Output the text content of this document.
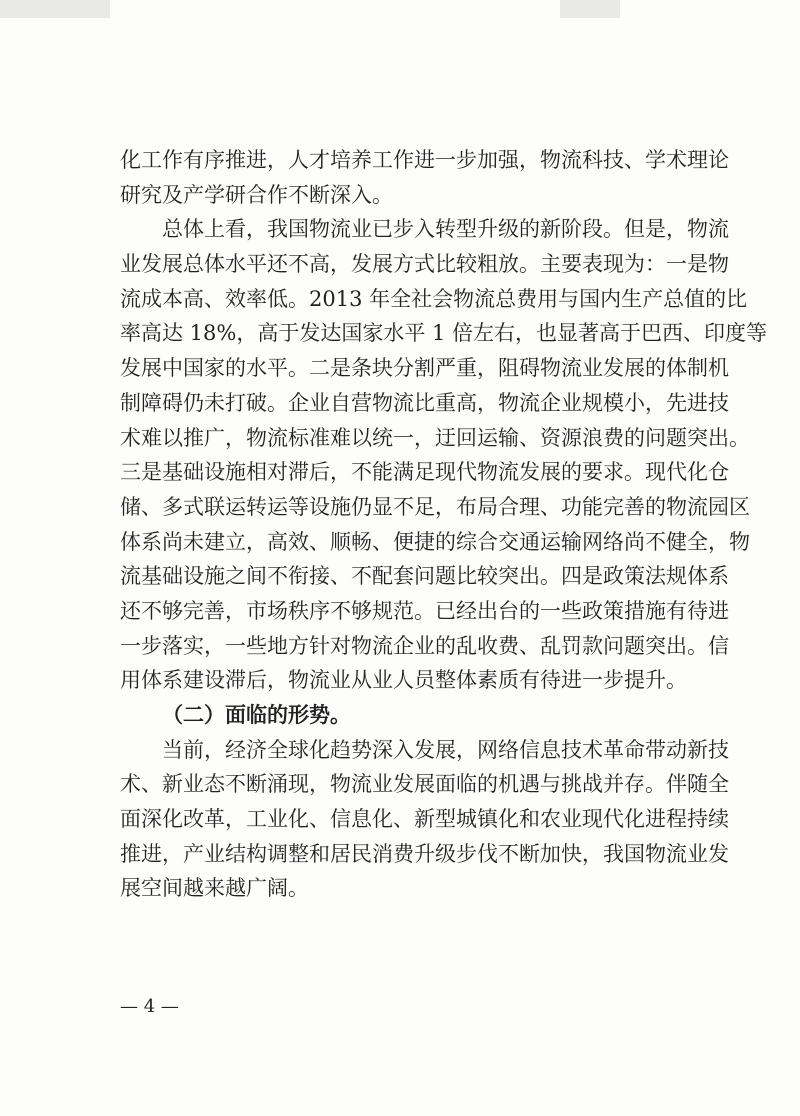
化工作有序推进，人才培养工作进一步加强，物流科技、学术理论
研究及产学研合作不断深入。
总体上看，我国物流业已步入转型升级的新阶段。但是，物流
业发展总体水平还不高，发展方式比较粗放。主要表现为：一是物
流成本高、效率低。2013 年全社会物流总费用与国内生产总值的比
率高达 18%，高于发达国家水平 1 倍左右，也显著高于巴西、印度等
发展中国家的水平。二是条块分割严重，阻碍物流业发展的体制机
制障碍仍未打破。企业自营物流比重高，物流企业规模小，先进技
术难以推广，物流标准难以统一，迂回运输、资源浪费的问题突出。
三是基础设施相对滞后，不能满足现代物流发展的要求。现代化仓
储、多式联运转运等设施仍显不足，布局合理、功能完善的物流园区
体系尚未建立，高效、顺畅、便捷的综合交通运输网络尚不健全，物
流基础设施之间不衔接、不配套问题比较突出。四是政策法规体系
还不够完善，市场秩序不够规范。已经出台的一些政策措施有待进
一步落实，一些地方针对物流企业的乱收费、乱罚款问题突出。信
用体系建设滞后，物流业从业人员整体素质有待进一步提升。
（二）面临的形势。
当前，经济全球化趋势深入发展，网络信息技术革命带动新技
术、新业态不断涌现，物流业发展面临的机遇与挑战并存。伴随全
面深化改革，工业化、信息化、新型城镇化和农业现代化进程持续
推进，产业结构调整和居民消费升级步伐不断加快，我国物流业发
展空间越来越广阔。
— 4 —
